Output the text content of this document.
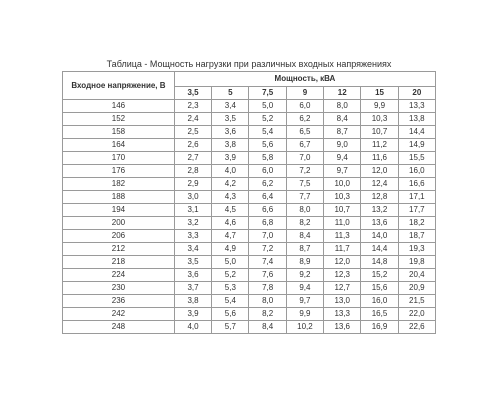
Таблица - Мощность нагрузки при различных входных напряжениях
Входное напряжение, В	Мощность, кВА						
	3,5	5	7,5	9	12	15	20
146	2,3	3,4	5,0	6,0	8,0	9,9	13,3
152	2,4	3,5	5,2	6,2	8,4	10,3	13,8
158	2,5	3,6	5,4	6,5	8,7	10,7	14,4
164	2,6	3,8	5,6	6,7	9,0	11,2	14,9
170	2,7	3,9	5,8	7,0	9,4	11,6	15,5
176	2,8	4,0	6,0	7,2	9,7	12,0	16,0
182	2,9	4,2	6,2	7,5	10,0	12,4	16,6
188	3,0	4,3	6,4	7,7	10,3	12,8	17,1
194	3,1	4,5	6,6	8,0	10,7	13,2	17,7
200	3,2	4,6	6,8	8,2	11,0	13,6	18,2
206	3,3	4,7	7,0	8,4	11,3	14,0	18,7
212	3,4	4,9	7,2	8,7	11,7	14,4	19,3
218	3,5	5,0	7,4	8,9	12,0	14,8	19,8
224	3,6	5,2	7,6	9,2	12,3	15,2	20,4
230	3,7	5,3	7,8	9,4	12,7	15,6	20,9
236	3,8	5,4	8,0	9,7	13,0	16,0	21,5
242	3,9	5,6	8,2	9,9	13,3	16,5	22,0
248	4,0	5,7	8,4	10,2	13,6	16,9	22,6
